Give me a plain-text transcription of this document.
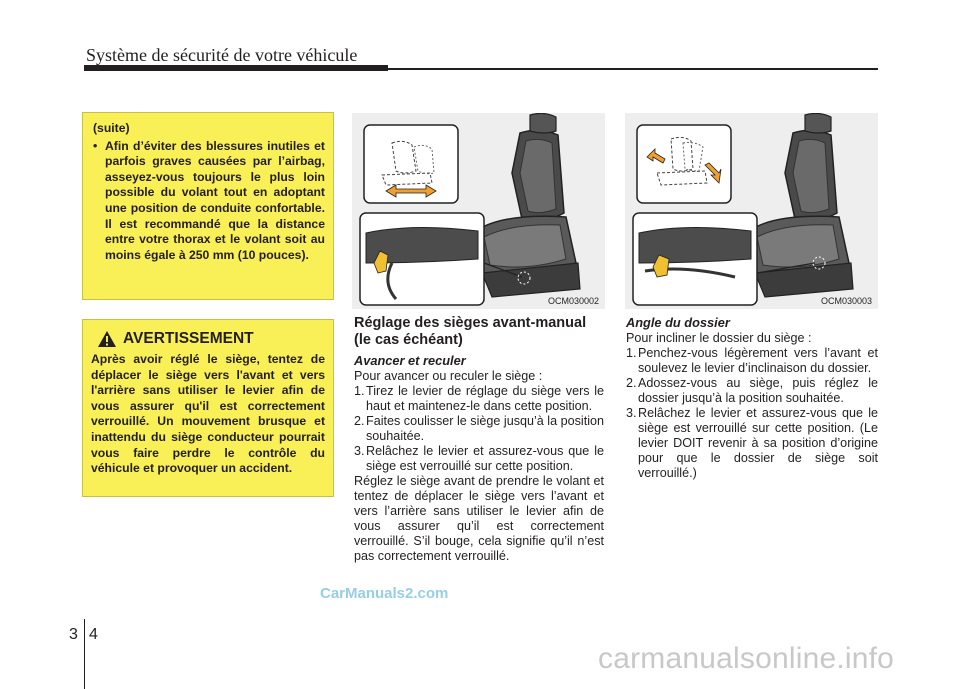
Système de sécurité de votre véhicule
(suite)
• Afin d’éviter des blessures inutiles et parfois graves causées par l’airbag, asseyez-vous toujours le plus loin possible du volant tout en adoptant une position de conduite confortable. Il est recommandé que la distance entre votre thorax et le volant soit au moins égale à 250 mm (10 pouces).
AVERTISSEMENT
Après avoir réglé le siège, tentez de déplacer le siège vers l'avant et vers l'arrière sans utiliser le levier afin de vous assurer qu'il est correctement verrouillé. Un mouvement brusque et inattendu du siège conducteur pourrait vous faire perdre le contrôle du véhicule et provoquer un accident.
OCM030002	OCM030003
Réglage des sièges avant-manual (le cas échéant)
Avancer et reculer
Pour avancer ou reculer le siège :
1. Tirez le levier de réglage du siège vers le haut et maintenez-le dans cette position.
2. Faites coulisser le siège jusqu’à la position souhaitée.
3. Relâchez le levier et assurez-vous que le siège est verrouillé sur cette position.
Réglez le siège avant de prendre le volant et tentez de déplacer le siège vers l’avant et vers l’arrière sans utiliser le levier afin de vous assurer qu’il est correctement verrouillé. S’il bouge, cela signifie qu’il n’est pas correctement verrouillé.
Angle du dossier
Pour incliner le dossier du siège :
1. Penchez-vous légèrement vers l’avant et soulevez le levier d’inclinaison du dossier.
2. Adossez-vous au siège, puis réglez le dossier jusqu’à la position souhaitée.
3. Relâchez le levier et assurez-vous que le siège est verrouillé sur cette position. (Le levier DOIT revenir à sa position d’origine pour que le dossier de siège soit verrouillé.)
3 4
CarManuals2.com
carmanualsonline.info
